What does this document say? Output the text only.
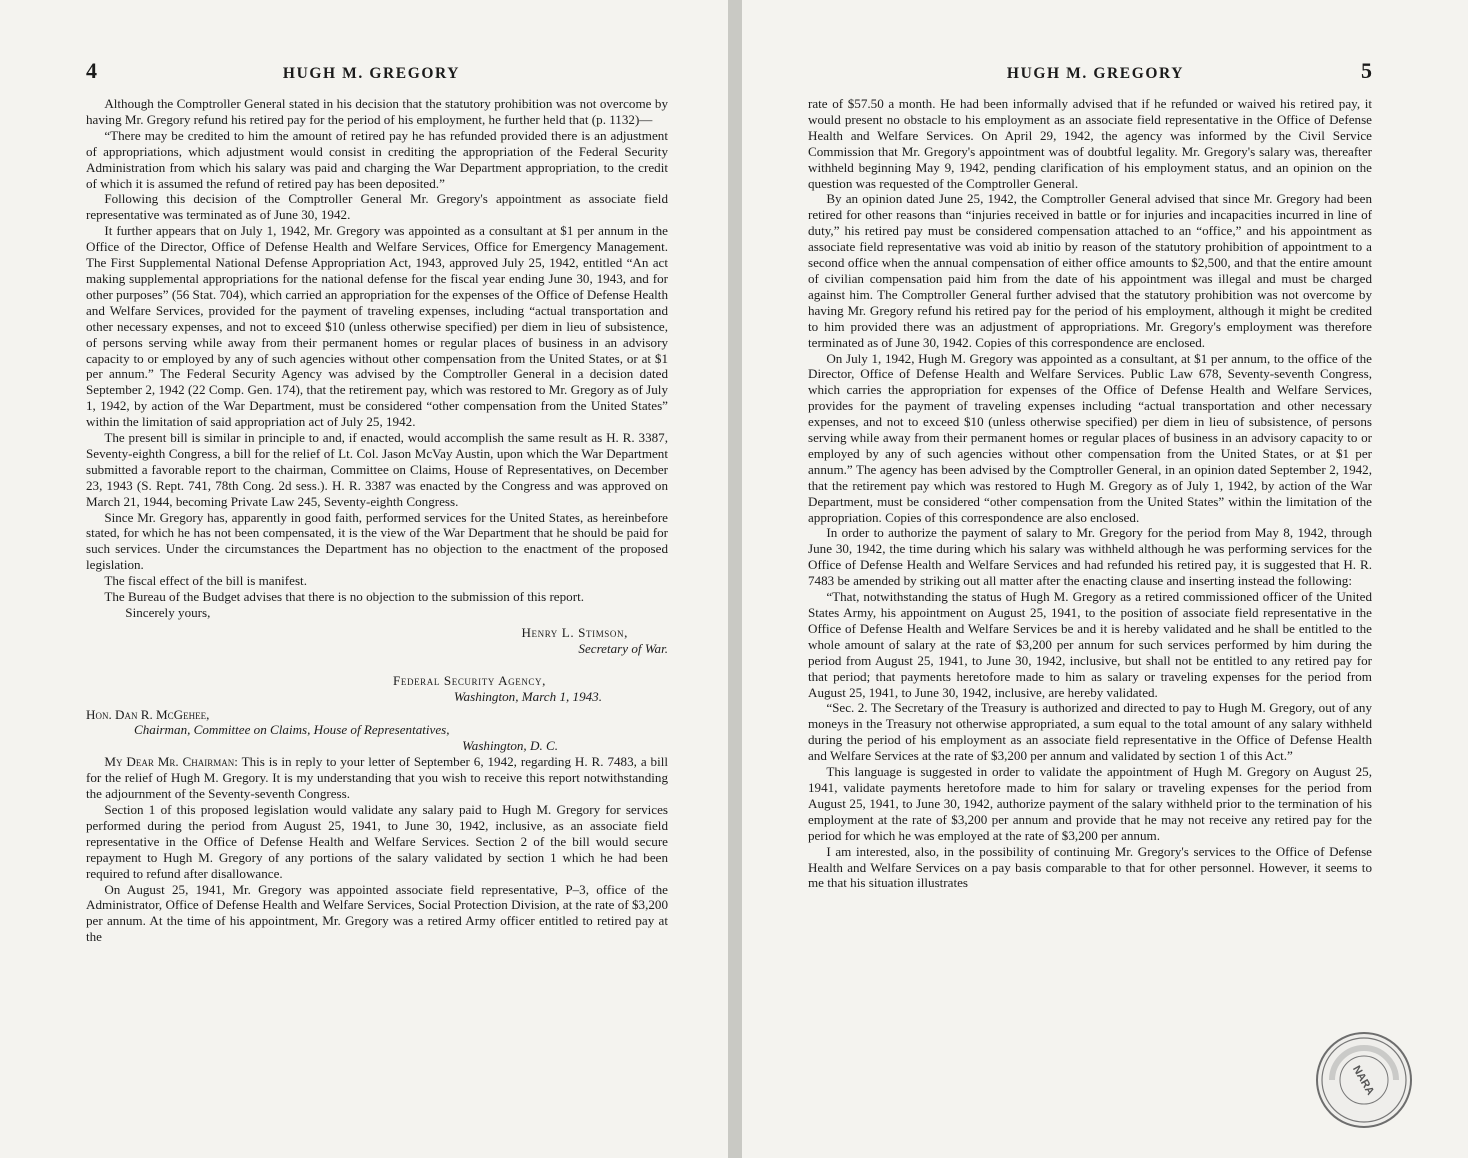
4	HUGH M. GREGORY

Although the Comptroller General stated in his decision that the statutory prohibition was not overcome by having Mr. Gregory refund his retired pay for the period of his employment, he further held that (p. 1132)—

“There may be credited to him the amount of retired pay he has refunded provided there is an adjustment of appropriations, which adjustment would consist in crediting the appropriation of the Federal Security Administration from which his salary was paid and charging the War Department appropriation, to the credit of which it is assumed the refund of retired pay has been deposited.”

Following this decision of the Comptroller General Mr. Gregory's appointment as associate field representative was terminated as of June 30, 1942.

It further appears that on July 1, 1942, Mr. Gregory was appointed as a consultant at $1 per annum in the Office of the Director, Office of Defense Health and Welfare Services, Office for Emergency Management. The First Supplemental National Defense Appropriation Act, 1943, approved July 25, 1942, entitled “An act making supplemental appropriations for the national defense for the fiscal year ending June 30, 1943, and for other purposes” (56 Stat. 704), which carried an appropriation for the expenses of the Office of Defense Health and Welfare Services, provided for the payment of traveling expenses, including “actual transportation and other necessary expenses, and not to exceed $10 (unless otherwise specified) per diem in lieu of subsistence, of persons serving while away from their permanent homes or regular places of business in an advisory capacity to or employed by any of such agencies without other compensation from the United States, or at $1 per annum.” The Federal Security Agency was advised by the Comptroller General in a decision dated September 2, 1942 (22 Comp. Gen. 174), that the retirement pay, which was restored to Mr. Gregory as of July 1, 1942, by action of the War Department, must be considered “other compensation from the United States” within the limitation of said appropriation act of July 25, 1942.

The present bill is similar in principle to and, if enacted, would accomplish the same result as H. R. 3387, Seventy-eighth Congress, a bill for the relief of Lt. Col. Jason McVay Austin, upon which the War Department submitted a favorable report to the chairman, Committee on Claims, House of Representatives, on December 23, 1943 (S. Rept. 741, 78th Cong. 2d sess.). H. R. 3387 was enacted by the Congress and was approved on March 21, 1944, becoming Private Law 245, Seventy-eighth Congress.

Since Mr. Gregory has, apparently in good faith, performed services for the United States, as hereinbefore stated, for which he has not been compensated, it is the view of the War Department that he should be paid for such services. Under the circumstances the Department has no objection to the enactment of the proposed legislation.

The fiscal effect of the bill is manifest.

The Bureau of the Budget advises that there is no objection to the submission of this report.

Sincerely yours,

Henry L. Stimson,
Secretary of War.
Federal Security Agency,
Washington, March 1, 1943.
Hon. Dan R. McGehee,
Chairman, Committee on Claims, House of Representatives,
Washington, D. C.

My Dear Mr. Chairman: This is in reply to your letter of September 6, 1942, regarding H. R. 7483, a bill for the relief of Hugh M. Gregory. It is my understanding that you wish to receive this report notwithstanding the adjournment of the Seventy-seventh Congress.

Section 1 of this proposed legislation would validate any salary paid to Hugh M. Gregory for services performed during the period from August 25, 1941, to June 30, 1942, inclusive, as an associate field representative in the Office of Defense Health and Welfare Services. Section 2 of the bill would secure repayment to Hugh M. Gregory of any portions of the salary validated by section 1 which he had been required to refund after disallowance.

On August 25, 1941, Mr. Gregory was appointed associate field representative, P–3, office of the Administrator, Office of Defense Health and Welfare Services, Social Protection Division, at the rate of $3,200 per annum. At the time of his appointment, Mr. Gregory was a retired Army officer entitled to retired pay at the

HUGH M. GREGORY	5

rate of $57.50 a month. He had been informally advised that if he refunded or waived his retired pay, it would present no obstacle to his employment as an associate field representative in the Office of Defense Health and Welfare Services. On April 29, 1942, the agency was informed by the Civil Service Commission that Mr. Gregory's appointment was of doubtful legality. Mr. Gregory's salary was, thereafter withheld beginning May 9, 1942, pending clarification of his employment status, and an opinion on the question was requested of the Comptroller General.

By an opinion dated June 25, 1942, the Comptroller General advised that since Mr. Gregory had been retired for other reasons than “injuries received in battle or for injuries and incapacities incurred in line of duty,” his retired pay must be considered compensation attached to an “office,” and his appointment as associate field representative was void ab initio by reason of the statutory prohibition of appointment to a second office when the annual compensation of either office amounts to $2,500, and that the entire amount of civilian compensation paid him from the date of his appointment was illegal and must be charged against him. The Comptroller General further advised that the statutory prohibition was not overcome by having Mr. Gregory refund his retired pay for the period of his employment, although it might be credited to him provided there was an adjustment of appropriations. Mr. Gregory's employment was therefore terminated as of June 30, 1942. Copies of this correspondence are enclosed.

On July 1, 1942, Hugh M. Gregory was appointed as a consultant, at $1 per annum, to the office of the Director, Office of Defense Health and Welfare Services. Public Law 678, Seventy-seventh Congress, which carries the appropriation for expenses of the Office of Defense Health and Welfare Services, provides for the payment of traveling expenses including “actual transportation and other necessary expenses, and not to exceed $10 (unless otherwise specified) per diem in lieu of subsistence, of persons serving while away from their permanent homes or regular places of business in an advisory capacity to or employed by any of such agencies without other compensation from the United States, or at $1 per annum.” The agency has been advised by the Comptroller General, in an opinion dated September 2, 1942, that the retirement pay which was restored to Hugh M. Gregory as of July 1, 1942, by action of the War Department, must be considered “other compensation from the United States” within the limitation of the appropriation. Copies of this correspondence are also enclosed.

In order to authorize the payment of salary to Mr. Gregory for the period from May 8, 1942, through June 30, 1942, the time during which his salary was withheld although he was performing services for the Office of Defense Health and Welfare Services and had refunded his retired pay, it is suggested that H. R. 7483 be amended by striking out all matter after the enacting clause and inserting instead the following:

“That, notwithstanding the status of Hugh M. Gregory as a retired commissioned officer of the United States Army, his appointment on August 25, 1941, to the position of associate field representative in the Office of Defense Health and Welfare Services be and it is hereby validated and he shall be entitled to the whole amount of salary at the rate of $3,200 per annum for such services performed by him during the period from August 25, 1941, to June 30, 1942, inclusive, but shall not be entitled to any retired pay for that period; that payments heretofore made to him as salary or traveling expenses for the period from August 25, 1941, to June 30, 1942, inclusive, are hereby validated.

“Sec. 2. The Secretary of the Treasury is authorized and directed to pay to Hugh M. Gregory, out of any moneys in the Treasury not otherwise appropriated, a sum equal to the total amount of any salary withheld during the period of his employment as an associate field representative in the Office of Defense Health and Welfare Services at the rate of $3,200 per annum and validated by section 1 of this Act.”

This language is suggested in order to validate the appointment of Hugh M. Gregory on August 25, 1941, validate payments heretofore made to him for salary or traveling expenses for the period from August 25, 1941, to June 30, 1942, authorize payment of the salary withheld prior to the termination of his employment at the rate of $3,200 per annum and provide that he may not receive any retired pay for the period for which he was employed at the rate of $3,200 per annum.

I am interested, also, in the possibility of continuing Mr. Gregory's services to the Office of Defense Health and Welfare Services on a pay basis comparable to that for other personnel. However, it seems to me that his situation illustrates

NARA
